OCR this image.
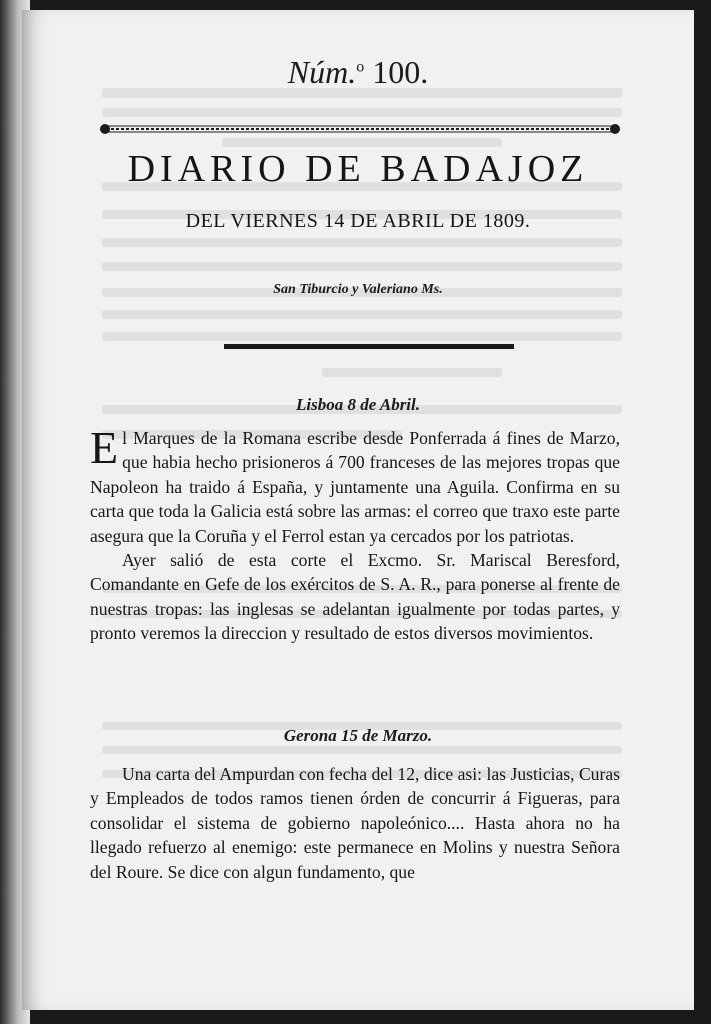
Núm.$^o$ 100.
DIARIO DE BADAJOZ
DEL VIERNES 14 DE ABRIL DE 1809.
San Tiburcio y Valeriano Ms.
Lisboa 8 de Abril.

El Marques de la Romana escribe desde Ponferrada á fines de Marzo, que habia hecho prisioneros á 700 franceses de las mejores tropas que Napoleon ha traido á España, y juntamente una Aguila. Confirma en su carta que toda la Galicia está sobre las armas: el correo que traxo este parte asegura que la Coruña y el Ferrol estan ya cercados por los patriotas.

Ayer salió de esta corte el Excmo. Sr. Mariscal Beresford, Comandante en Gefe de los exércitos de S. A. R., para ponerse al frente de nuestras tropas: las inglesas se adelantan igualmente por todas partes, y pronto veremos la direccion y resultado de estos diversos movimientos.

Gerona 15 de Marzo.

Una carta del Ampurdan con fecha del 12, dice asi: las Justicias, Curas y Empleados de todos ramos tienen órden de concurrir á Figueras, para consolidar el sistema de gobierno napoleónico.... Hasta ahora no ha llegado refuerzo al enemigo: este permanece en Molins y nuestra Señora del Roure. Se dice con algun fundamento, que
